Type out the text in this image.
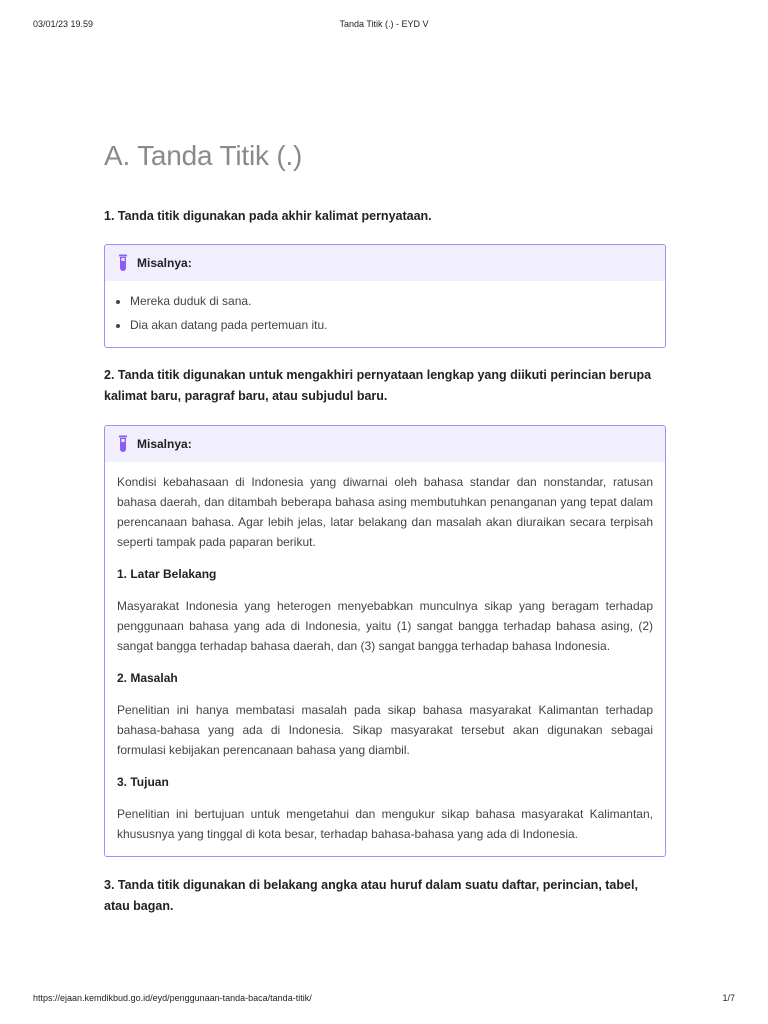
03/01/23 19.59	Tanda Titik (.) - EYD V
A. Tanda Titik (.)

1. Tanda titik digunakan pada akhir kalimat pernyataan.

Misalnya:
• Mereka duduk di sana.
• Dia akan datang pada pertemuan itu.

2. Tanda titik digunakan untuk mengakhiri pernyataan lengkap yang diikuti perincian berupa kalimat baru, paragraf baru, atau subjudul baru.

Misalnya:

Kondisi kebahasaan di Indonesia yang diwarnai oleh bahasa standar dan nonstandar, ratusan bahasa daerah, dan ditambah beberapa bahasa asing membutuhkan penanganan yang tepat dalam perencanaan bahasa. Agar lebih jelas, latar belakang dan masalah akan diuraikan secara terpisah seperti tampak pada paparan berikut.

1. Latar Belakang

Masyarakat Indonesia yang heterogen menyebabkan munculnya sikap yang beragam terhadap penggunaan bahasa yang ada di Indonesia, yaitu (1) sangat bangga terhadap bahasa asing, (2) sangat bangga terhadap bahasa daerah, dan (3) sangat bangga terhadap bahasa Indonesia.

2. Masalah

Penelitian ini hanya membatasi masalah pada sikap bahasa masyarakat Kalimantan terhadap bahasa-bahasa yang ada di Indonesia. Sikap masyarakat tersebut akan digunakan sebagai formulasi kebijakan perencanaan bahasa yang diambil.

3. Tujuan

Penelitian ini bertujuan untuk mengetahui dan mengukur sikap bahasa masyarakat Kalimantan, khususnya yang tinggal di kota besar, terhadap bahasa-bahasa yang ada di Indonesia.

3. Tanda titik digunakan di belakang angka atau huruf dalam suatu daftar, perincian, tabel, atau bagan.

https://ejaan.kemdikbud.go.id/eyd/penggunaan-tanda-baca/tanda-titik/	1/7
